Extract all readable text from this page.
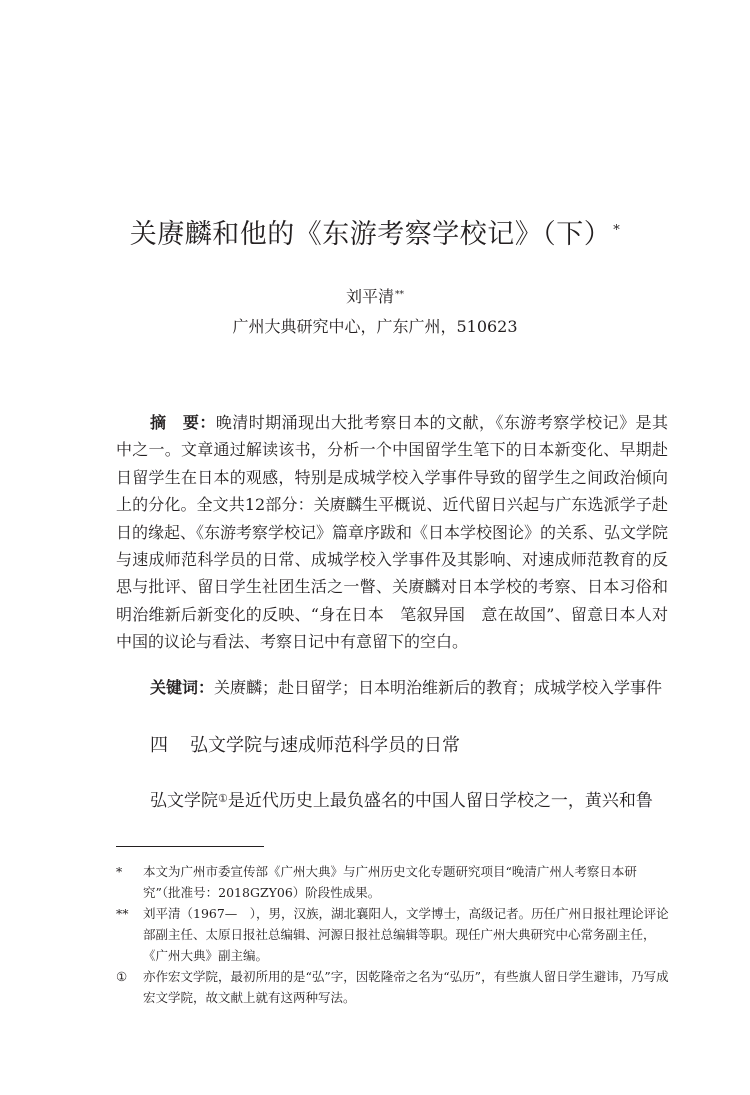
关赓麟和他的《东游考察学校记》（下） *
刘平清**
广州大典研究中心，广东广州，510623

摘　要：晚清时期涌现出大批考察日本的文献，《东游考察学校记》是其中之一。文章通过解读该书，分析一个中国留学生笔下的日本新变化、早期赴日留学生在日本的观感，特别是成城学校入学事件导致的留学生之间政治倾向上的分化。全文共12部分：关赓麟生平概说、近代留日兴起与广东选派学子赴日的缘起、《东游考察学校记》篇章序跋和《日本学校图论》的关系、弘文学院与速成师范科学员的日常、成城学校入学事件及其影响、对速成师范教育的反思与批评、留日学生社团生活之一瞥、关赓麟对日本学校的考察、日本习俗和明治维新后新变化的反映、“身在日本　笔叙异国　意在故国”、留意日本人对中国的议论与看法、考察日记中有意留下的空白。

关键词：关赓麟；赴日留学；日本明治维新后的教育；成城学校入学事件
四 弘文学院与速成师范科学员的日常
弘文学院①是近代历史上最负盛名的中国人留日学校之一，黄兴和鲁
*	本文为广州市委宣传部《广州大典》与广州历史文化专题研究项目“晚清广州人考察日本研究”（批准号：2018GZY06）阶段性成果。
**	刘平清（1967—　），男，汉族，湖北襄阳人，文学博士，高级记者。历任广州日报社理论评论部副主任、太原日报社总编辑、河源日报社总编辑等职。现任广州大典研究中心常务副主任，《广州大典》副主编。
①	亦作宏文学院，最初所用的是“弘”字，因乾隆帝之名为“弘历”，有些旗人留日学生避讳，乃写成宏文学院，故文献上就有这两种写法。
